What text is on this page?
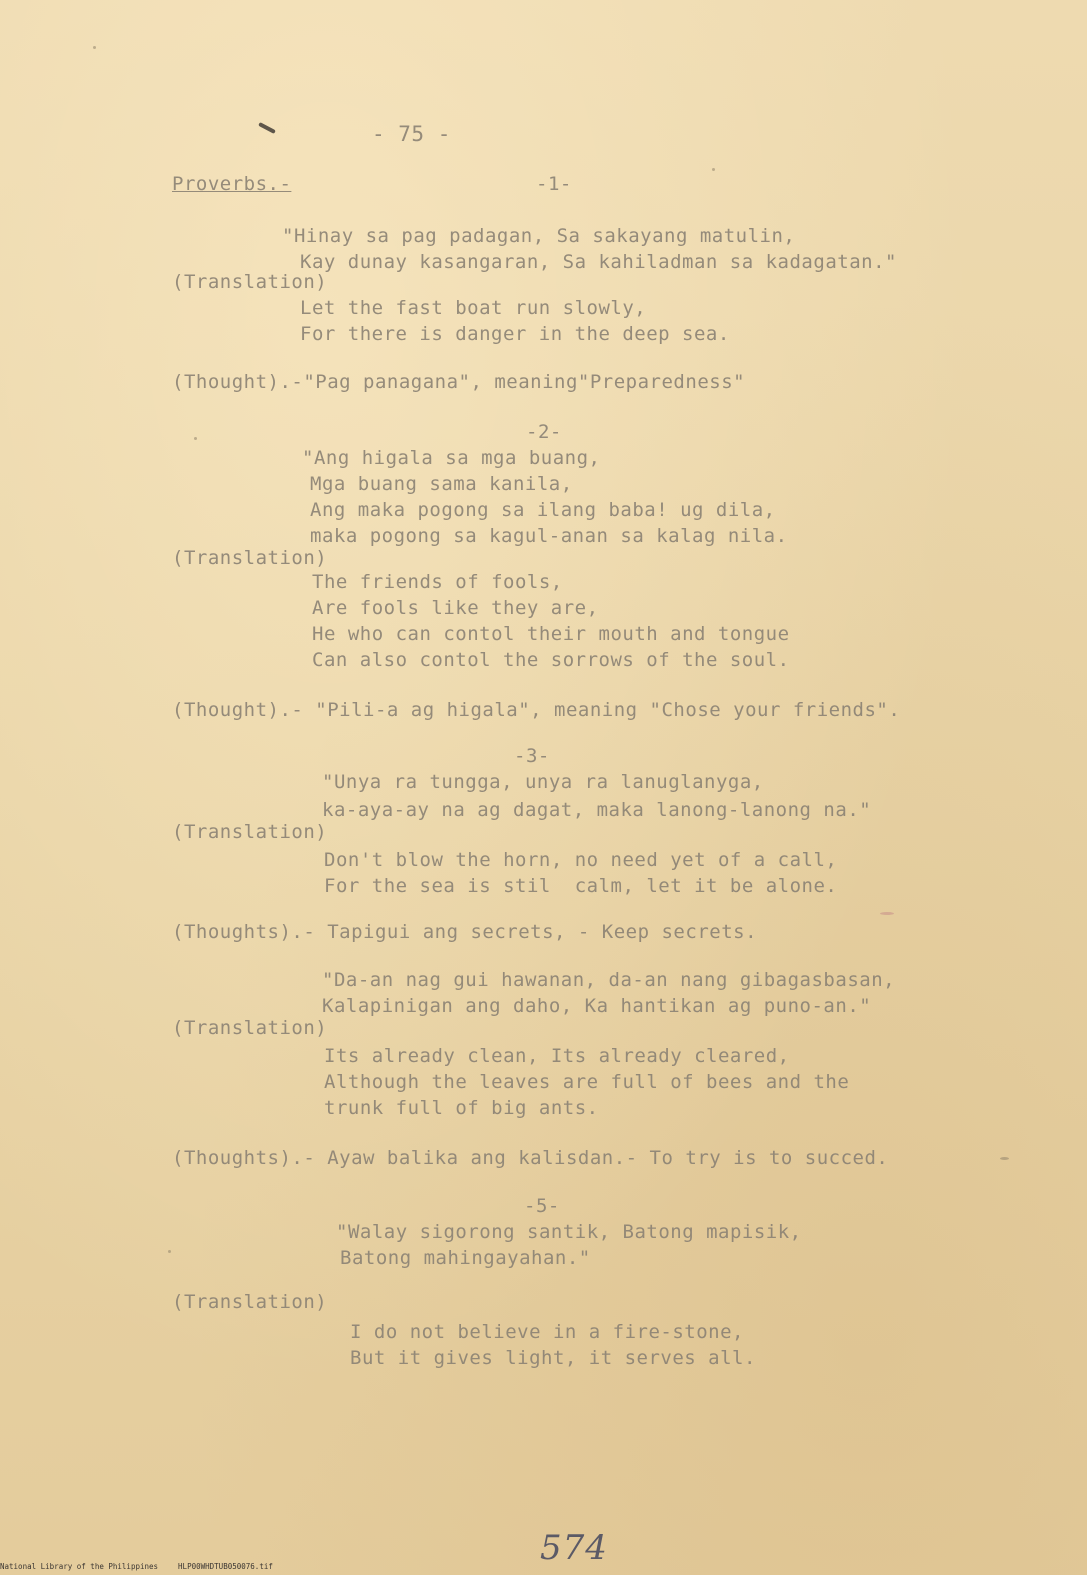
- 75 -
Proverbs.-	-1-
"Hinay sa pag padagan, Sa sakayang matulin,
Kay dunay kasangaran, Sa kahiladman sa kadagatan."
(Translation)
Let the fast boat run slowly,
For there is danger in the deep sea.
(Thought).-"Pag panagana", meaning"Preparedness"
-2-
"Ang higala sa mga buang,
Mga buang sama kanila,
Ang maka pogong sa ilang baba! ug dila,
maka pogong sa kagul-anan sa kalag nila.
(Translation)
The friends of fools,
Are fools like they are,
He who can contol their mouth and tongue
Can also contol the sorrows of the soul.
(Thought).- "Pili-a ag higala", meaning "Chose your friends".
-3-
"Unya ra tungga, unya ra lanuglanyga,
ka-aya-ay na ag dagat, maka lanong-lanong na."
(Translation)
Don't blow the horn, no need yet of a call,
For the sea is stil  calm, let it be alone.
(Thoughts).- Tapigui ang secrets, - Keep secrets.
"Da-an nag gui hawanan, da-an nang gibagasbasan,
Kalapinigan ang daho, Ka hantikan ag puno-an."
(Translation)
Its already clean, Its already cleared,
Although the leaves are full of bees and the
trunk full of big ants.
(Thoughts).- Ayaw balika ang kalisdan.- To try is to succed.
-5-
"Walay sigorong santik, Batong mapisik,
Batong mahingayahan."
(Translation)
I do not believe in a fire-stone,
But it gives light, it serves all.
574
National Library of the Philippines	HLP00WHDTUB050076.tif
